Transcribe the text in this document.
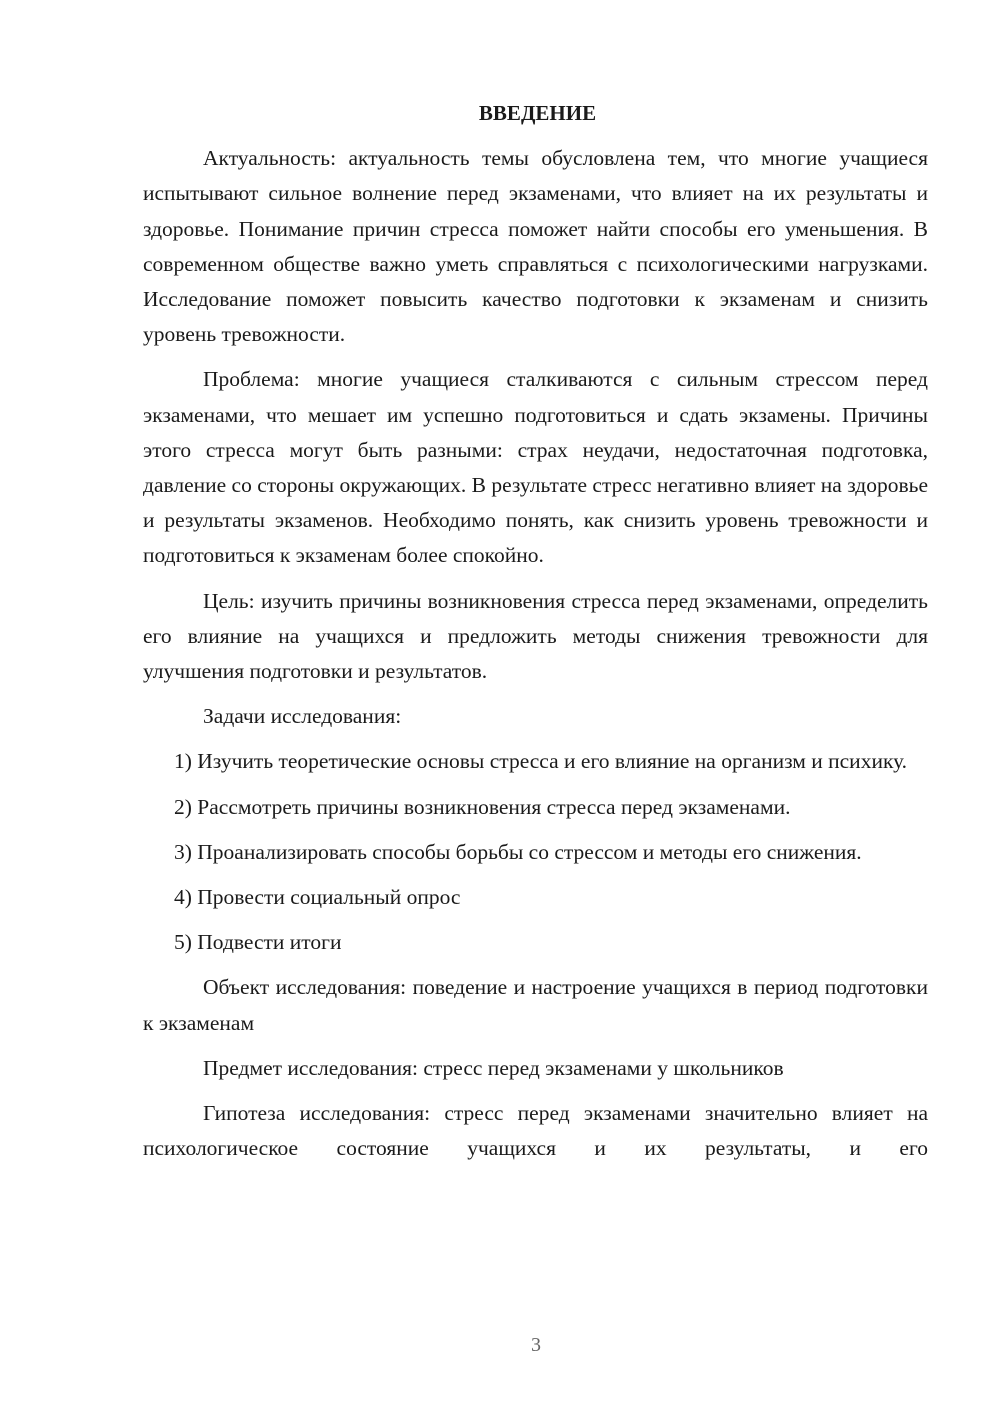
ВВЕДЕНИЕ

Актуальность: актуальность темы обусловлена тем, что многие учащиеся испытывают сильное волнение перед экзаменами, что влияет на их результаты и здоровье. Понимание причин стресса поможет найти способы его уменьшения. В современном обществе важно уметь справляться с психологическими нагрузками. Исследование поможет повысить качество подготовки к экзаменам и снизить уровень тревожности.

Проблема: многие учащиеся сталкиваются с сильным стрессом перед экзаменами, что мешает им успешно подготовиться и сдать экзамены. Причины этого стресса могут быть разными: страх неудачи, недостаточная подготовка, давление со стороны окружающих. В результате стресс негативно влияет на здоровье и результаты экзаменов. Необходимо понять, как снизить уровень тревожности и подготовиться к экзаменам более спокойно.

Цель: изучить причины возникновения стресса перед экзаменами, определить его влияние на учащихся и предложить методы снижения тревожности для улучшения подготовки и результатов.

Задачи исследования:

1) Изучить теоретические основы стресса и его влияние на организм и психику.

2) Рассмотреть причины возникновения стресса перед экзаменами.

3) Проанализировать способы борьбы со стрессом и методы его снижения.

4) Провести социальный опрос

5) Подвести итоги

Объект исследования: поведение и настроение учащихся в период подготовки к экзаменам

Предмет исследования: стресс перед экзаменами у школьников

Гипотеза исследования: стресс перед экзаменами значительно влияет на психологическое состояние учащихся и их результаты, и его

3
